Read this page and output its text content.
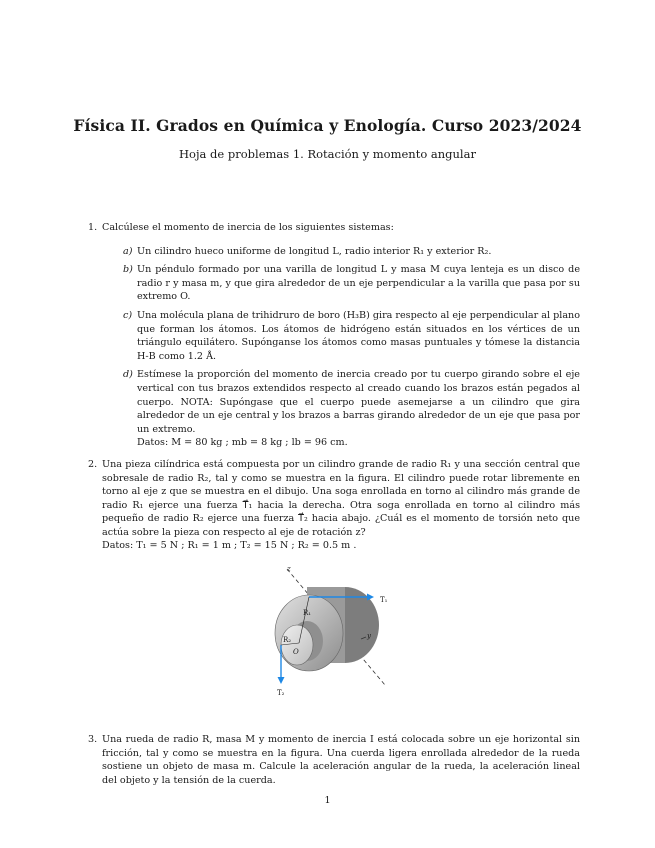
Física II. Grados en Química y Enología. Curso 2023/2024
Hoja de problemas 1. Rotación y momento angular
1. Calcúlese el momento de inercia de los siguientes sistemas:
a) Un cilindro hueco uniforme de longitud L, radio interior R₁ y exterior R₂.
b) Un péndulo formado por una varilla de longitud L y masa M cuya lenteja es un disco de radio r y masa m, y que gira alrededor de un eje perpendicular a la varilla que pasa por su extremo O.
c) Una molécula plana de trihidruro de boro (H₃B) gira respecto al eje perpendicular al plano que forman los átomos. Los átomos de hidrógeno están situados en los vértices de un triángulo equilátero. Supónganse los átomos como masas puntuales y tómese la distancia H-B como 1.2 Å.
d) Estímese la proporción del momento de inercia creado por tu cuerpo girando sobre el eje vertical con tus brazos extendidos respecto al creado cuando los brazos están pegados al cuerpo. NOTA: Supóngase que el cuerpo puede asemejarse a un cilindro que gira alrededor de un eje central y los brazos a barras girando alrededor de un eje que pasa por un extremo.
Datos: M = 80 kg ; mb = 8 kg ; lb = 96 cm.
2. Una pieza cilíndrica está compuesta por un cilindro grande de radio R₁ y una sección central que sobresale de radio R₂, tal y como se muestra en la figura. El cilindro puede rotar libremente en torno al eje z que se muestra en el dibujo. Una soga enrollada en torno al cilindro más grande de radio R₁ ejerce una fuerza T⃗₁ hacia la derecha. Otra soga enrollada en torno al cilindro más pequeño de radio R₂ ejerce una fuerza T⃗₂ hacia abajo. ¿Cuál es el momento de torsión neto que actúa sobre la pieza con respecto al eje de rotación z?
Datos: T₁ = 5 N ; R₁ = 1 m ; T₂ = 15 N ; R₂ = 0.5 m .
T₁
T₂
R₁
R₂
O
z
y
3. Una rueda de radio R, masa M y momento de inercia I está colocada sobre un eje horizontal sin fricción, tal y como se muestra en la figura. Una cuerda ligera enrollada alrededor de la rueda sostiene un objeto de masa m. Calcule la aceleración angular de la rueda, la aceleración lineal del objeto y la tensión de la cuerda.
1
